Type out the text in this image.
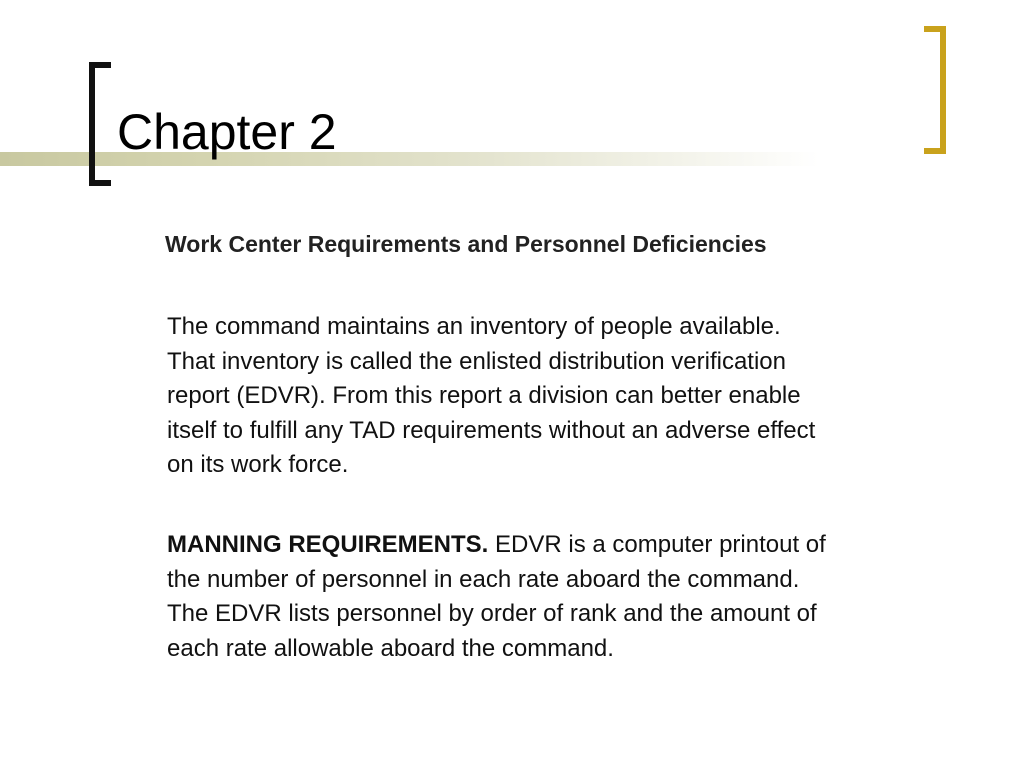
Chapter 2
Work Center Requirements and Personnel Deficiencies

The command maintains an inventory of people available.
That inventory is called the enlisted distribution verification
report (EDVR). From this report a division can better enable
itself to fulfill any TAD requirements without an adverse effect
on its work force.

MANNING REQUIREMENTS. EDVR is a computer printout of
the number of personnel in each rate aboard the command.
The EDVR lists personnel by order of rank and the amount of
each rate allowable aboard the command.
